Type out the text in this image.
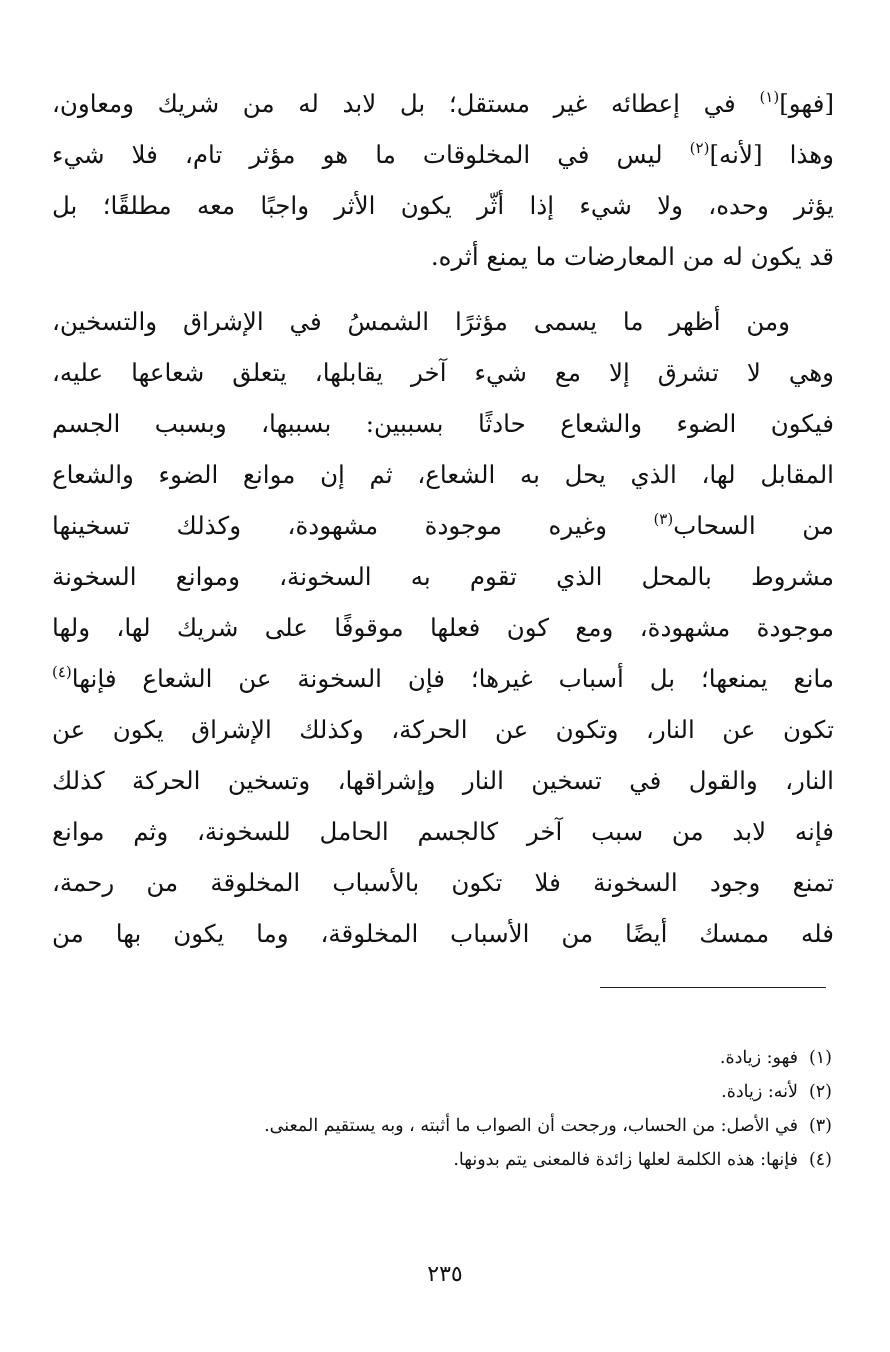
[فهو]$^{(١)}$ في إعطائه غير مستقل؛ بل لابد له من شريك ومعاون،
وهذا [لأنه]$^{(٢)}$ ليس في المخلوقات ما هو مؤثر تام، فلا شيء
يؤثر وحده، ولا شيء إذا أثّر يكون الأثر واجبًا معه مطلقًا؛ بل
قد يكون له من المعارضات ما يمنع أثره.
ومن أظهر ما يسمى مؤثرًا الشمسُ في الإشراق والتسخين،
وهي لا تشرق إلا مع شيء آخر يقابلها، يتعلق شعاعها عليه،
فيكون الضوء والشعاع حادثًا بسببين: بسببها، وبسبب الجسم
المقابل لها، الذي يحل به الشعاع، ثم إن موانع الضوء والشعاع
من السحاب$^{(٣)}$ وغيره موجودة مشهودة، وكذلك تسخينها
مشروط بالمحل الذي تقوم به السخونة، وموانع السخونة
موجودة مشهودة، ومع كون فعلها موقوفًا على شريك لها، ولها
مانع يمنعها؛ بل أسباب غيرها؛ فإن السخونة عن الشعاع فإنها$^{(٤)}$
تكون عن النار، وتكون عن الحركة، وكذلك الإشراق يكون عن
النار، والقول في تسخين النار وإشراقها، وتسخين الحركة كذلك
فإنه لابد من سبب آخر كالجسم الحامل للسخونة، وثم موانع
تمنع وجود السخونة فلا تكون بالأسباب المخلوقة من رحمة،
فله ممسك أيضًا من الأسباب المخلوقة، وما يكون بها من
(١)فهو: زيادة.
(٢)لأنه: زيادة.
(٣)في الأصل: من الحساب، ورجحت أن الصواب ما أثبته ، وبه يستقيم المعنى.
(٤)فإنها: هذه الكلمة لعلها زائدة فالمعنى يتم بدونها.
٢٣٥
